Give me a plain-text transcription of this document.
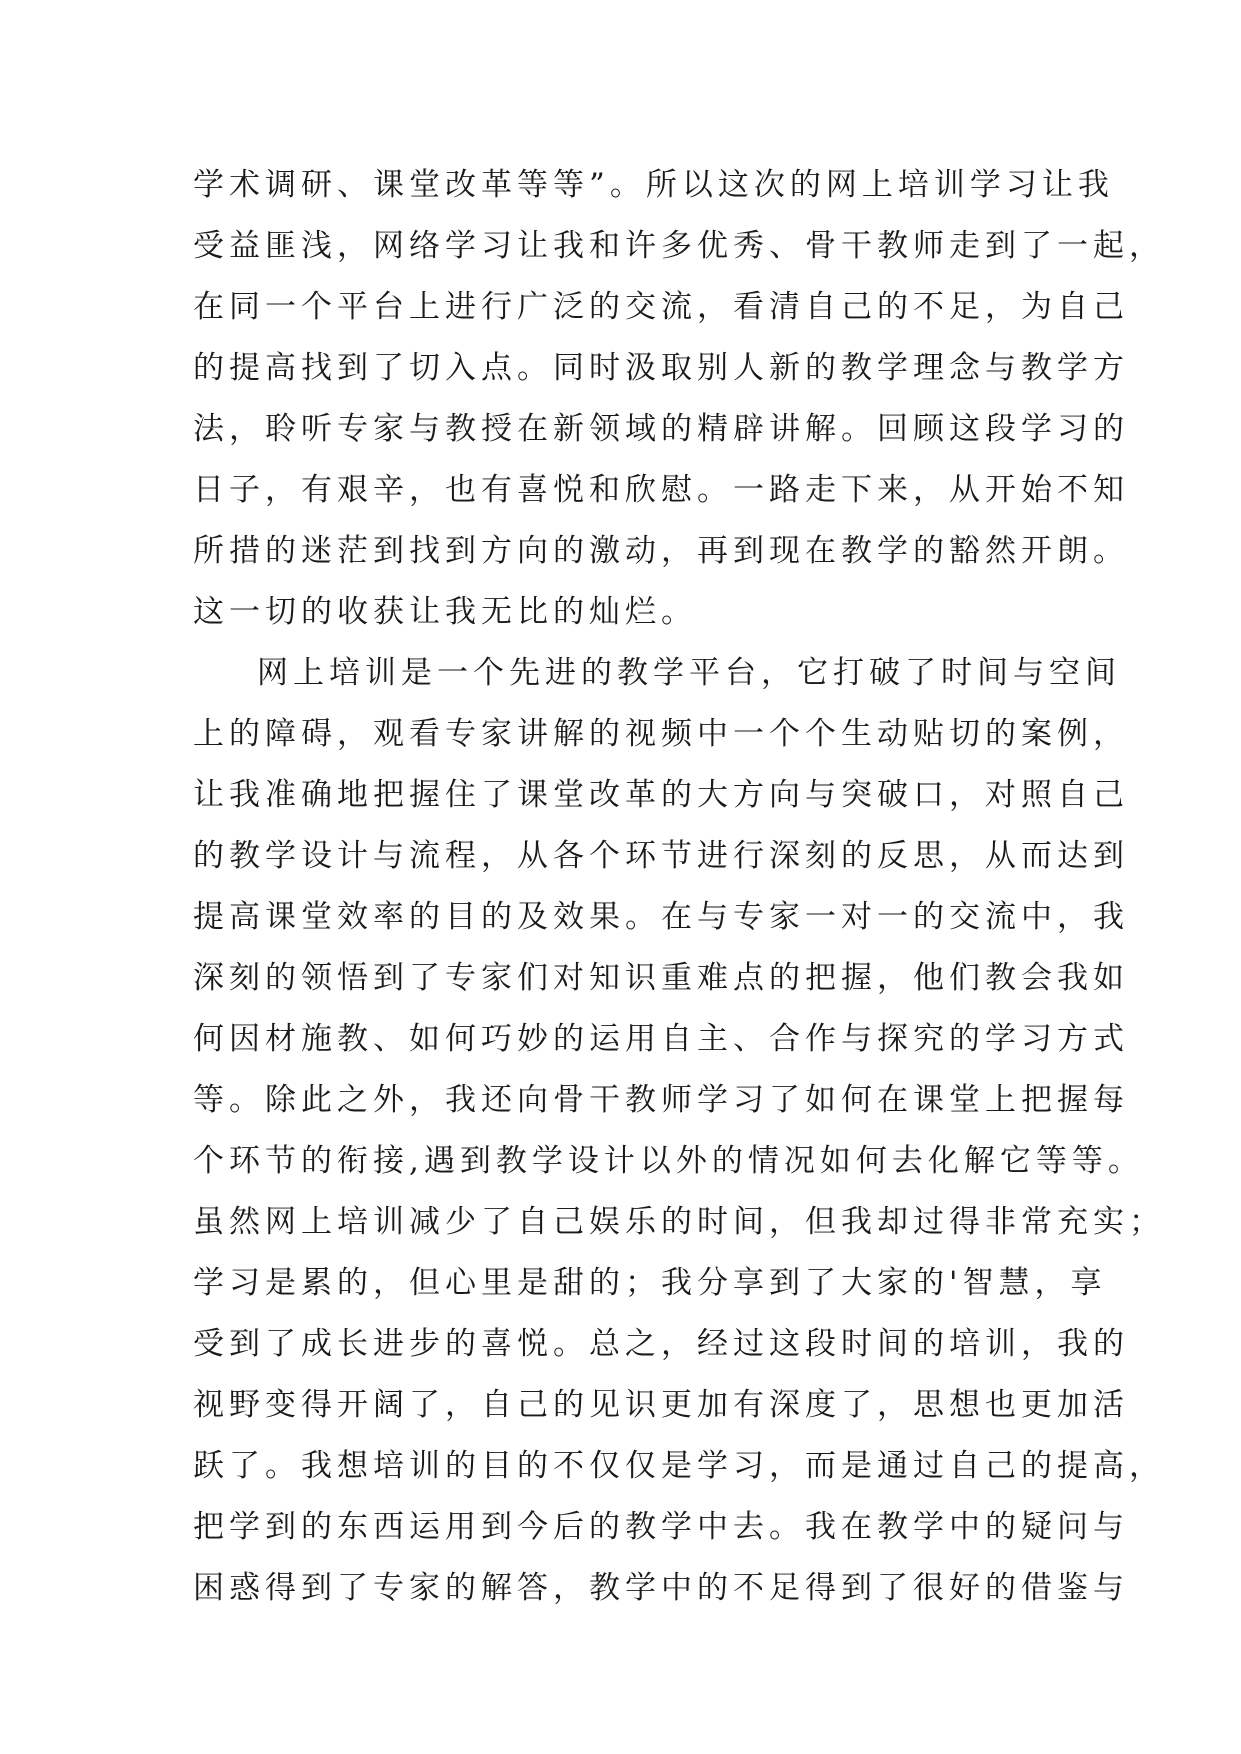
学术调研、课堂改革等等”。所以这次的网上培训学习让我
受益匪浅，网络学习让我和许多优秀、骨干教师走到了一起，
在同一个平台上进行广泛的交流，看清自己的不足，为自己
的提高找到了切入点。同时汲取别人新的教学理念与教学方
法，聆听专家与教授在新领域的精辟讲解。回顾这段学习的
日子，有艰辛，也有喜悦和欣慰。一路走下来，从开始不知
所措的迷茫到找到方向的激动，再到现在教学的豁然开朗。
这一切的收获让我无比的灿烂。
网上培训是一个先进的教学平台，它打破了时间与空间
上的障碍，观看专家讲解的视频中一个个生动贴切的案例，
让我准确地把握住了课堂改革的大方向与突破口，对照自己
的教学设计与流程，从各个环节进行深刻的反思，从而达到
提高课堂效率的目的及效果。在与专家一对一的交流中，我
深刻的领悟到了专家们对知识重难点的把握，他们教会我如
何因材施教、如何巧妙的运用自主、合作与探究的学习方式
等。除此之外，我还向骨干教师学习了如何在课堂上把握每
个环节的衔接,遇到教学设计以外的情况如何去化解它等等。
虽然网上培训减少了自己娱乐的时间，但我却过得非常充实；
学习是累的，但心里是甜的；我分享到了大家的'智慧，享
受到了成长进步的喜悦。总之，经过这段时间的培训，我的
视野变得开阔了，自己的见识更加有深度了，思想也更加活
跃了。我想培训的目的不仅仅是学习，而是通过自己的提高，
把学到的东西运用到今后的教学中去。我在教学中的疑问与
困惑得到了专家的解答，教学中的不足得到了很好的借鉴与
